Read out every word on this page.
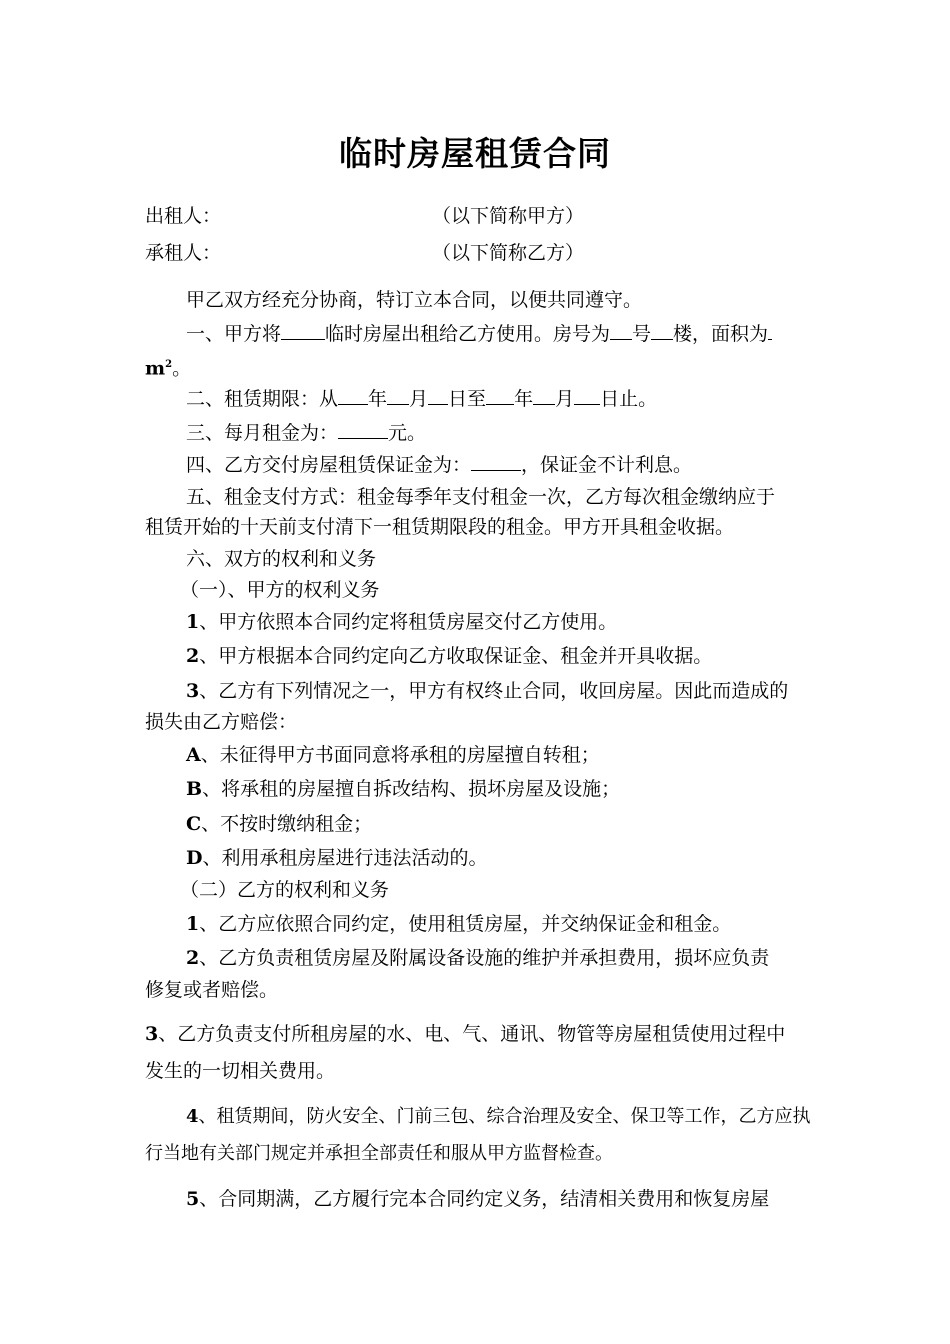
临时房屋租赁合同
出租人：	（以下简称甲方）
承租人：	（以下简称乙方）
甲乙双方经充分协商，特订立本合同，以便共同遵守。
一、甲方将 临时房屋出租给乙方使用。房号为 号 楼，面积为
$m^2$。
二、租赁期限：从 年 月 日至 年 月 日止。
三、每月租金为：	元。
四、乙方交付房屋租赁保证金为：	，保证金不计利息。
五、租金支付方式：租金每季年支付租金一次，乙方每次租金缴纳应于
租赁开始的十天前支付清下一租赁期限段的租金。甲方开具租金收据。
六、双方的权利和义务
（一）、甲方的权利义务
1、甲方依照本合同约定将租赁房屋交付乙方使用。
2、甲方根据本合同约定向乙方收取保证金、租金并开具收据。
3、乙方有下列情况之一，甲方有权终止合同，收回房屋。因此而造成的
损失由乙方赔偿：
A、未征得甲方书面同意将承租的房屋擅自转租；
B、将承租的房屋擅自拆改结构、损坏房屋及设施；
C、不按时缴纳租金；
D、利用承租房屋进行违法活动的。
（二）乙方的权利和义务
1、乙方应依照合同约定，使用租赁房屋，并交纳保证金和租金。
2、乙方负责租赁房屋及附属设备设施的维护并承担费用，损坏应负责
修复或者赔偿。
3、乙方负责支付所租房屋的水、电、气、通讯、物管等房屋租赁使用过程中
发生的一切相关费用。
4、租赁期间，防火安全、门前三包、综合治理及安全、保卫等工作，乙方应执
行当地有关部门规定并承担全部责任和服从甲方监督检查。
5、合同期满，乙方履行完本合同约定义务，结清相关费用和恢复房屋
